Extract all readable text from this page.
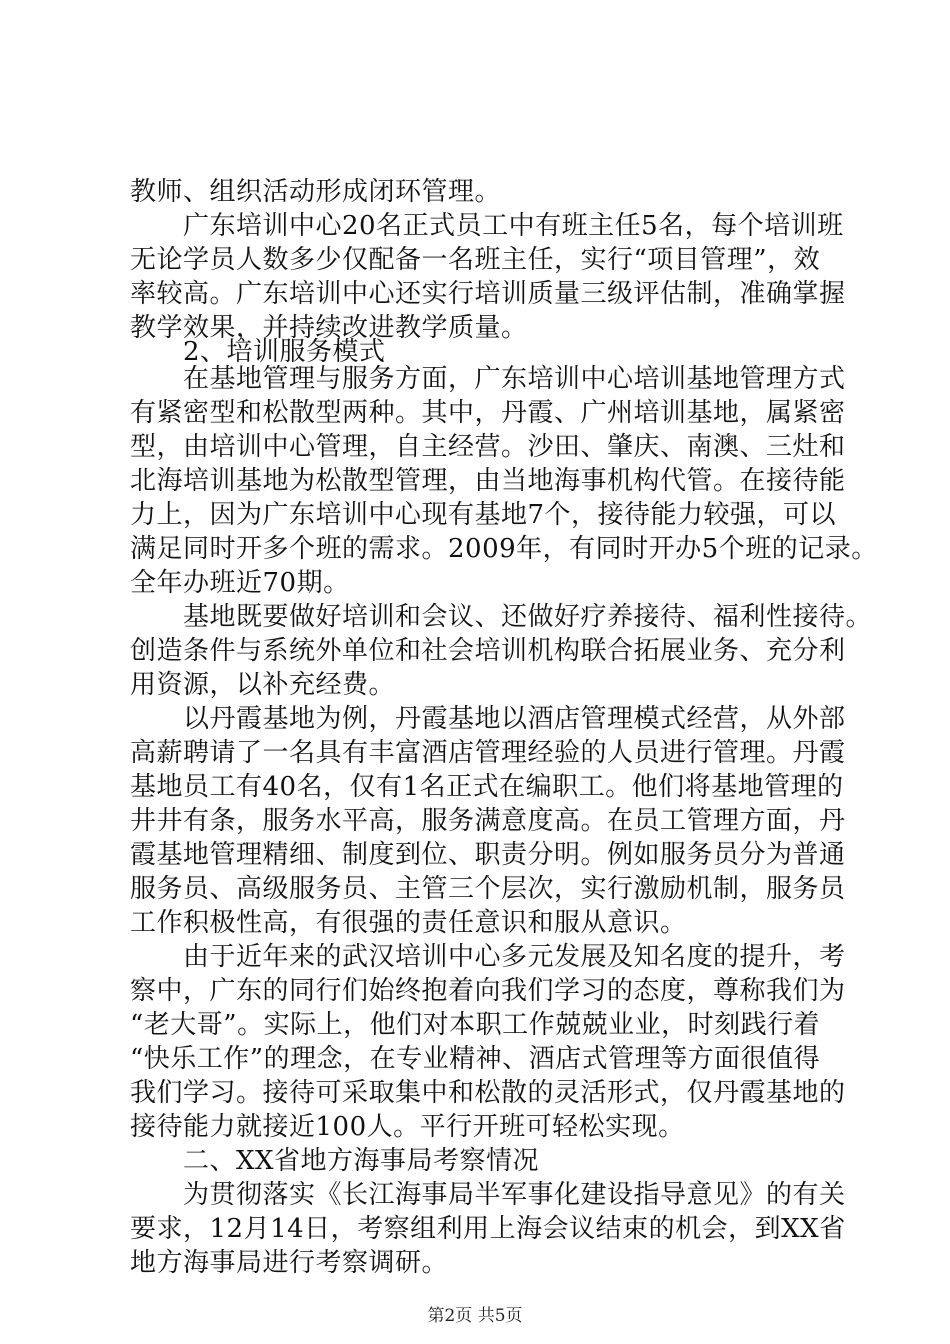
教师、组织活动形成闭环管理。
广东培训中心20名正式员工中有班主任5名，每个培训班
无论学员人数多少仅配备一名班主任，实行“项目管理”，效
率较高。广东培训中心还实行培训质量三级评估制，准确掌握
教学效果，并持续改进教学质量。
2、培训服务模式
在基地管理与服务方面，广东培训中心培训基地管理方式
有紧密型和松散型两种。其中，丹霞、广州培训基地，属紧密
型，由培训中心管理，自主经营。沙田、肇庆、南澳、三灶和
北海培训基地为松散型管理，由当地海事机构代管。在接待能
力上，因为广东培训中心现有基地7个，接待能力较强，可以
满足同时开多个班的需求。2009年，有同时开办5个班的记录。
全年办班近70期。
基地既要做好培训和会议、还做好疗养接待、福利性接待。
创造条件与系统外单位和社会培训机构联合拓展业务、充分利
用资源，以补充经费。
以丹霞基地为例，丹霞基地以酒店管理模式经营，从外部
高薪聘请了一名具有丰富酒店管理经验的人员进行管理。丹霞
基地员工有40名，仅有1名正式在编职工。他们将基地管理的
井井有条，服务水平高，服务满意度高。在员工管理方面，丹
霞基地管理精细、制度到位、职责分明。例如服务员分为普通
服务员、高级服务员、主管三个层次，实行激励机制，服务员
工作积极性高，有很强的责任意识和服从意识。
由于近年来的武汉培训中心多元发展及知名度的提升，考
察中，广东的同行们始终抱着向我们学习的态度，尊称我们为
“老大哥”。实际上，他们对本职工作兢兢业业，时刻践行着
“快乐工作”的理念，在专业精神、酒店式管理等方面很值得
我们学习。接待可采取集中和松散的灵活形式，仅丹霞基地的
接待能力就接近100人。平行开班可轻松实现。
二、XX省地方海事局考察情况
为贯彻落实《长江海事局半军事化建设指导意见》的有关
要求，12月14日，考察组利用上海会议结束的机会，到XX省
地方海事局进行考察调研。
第2页 共5页
